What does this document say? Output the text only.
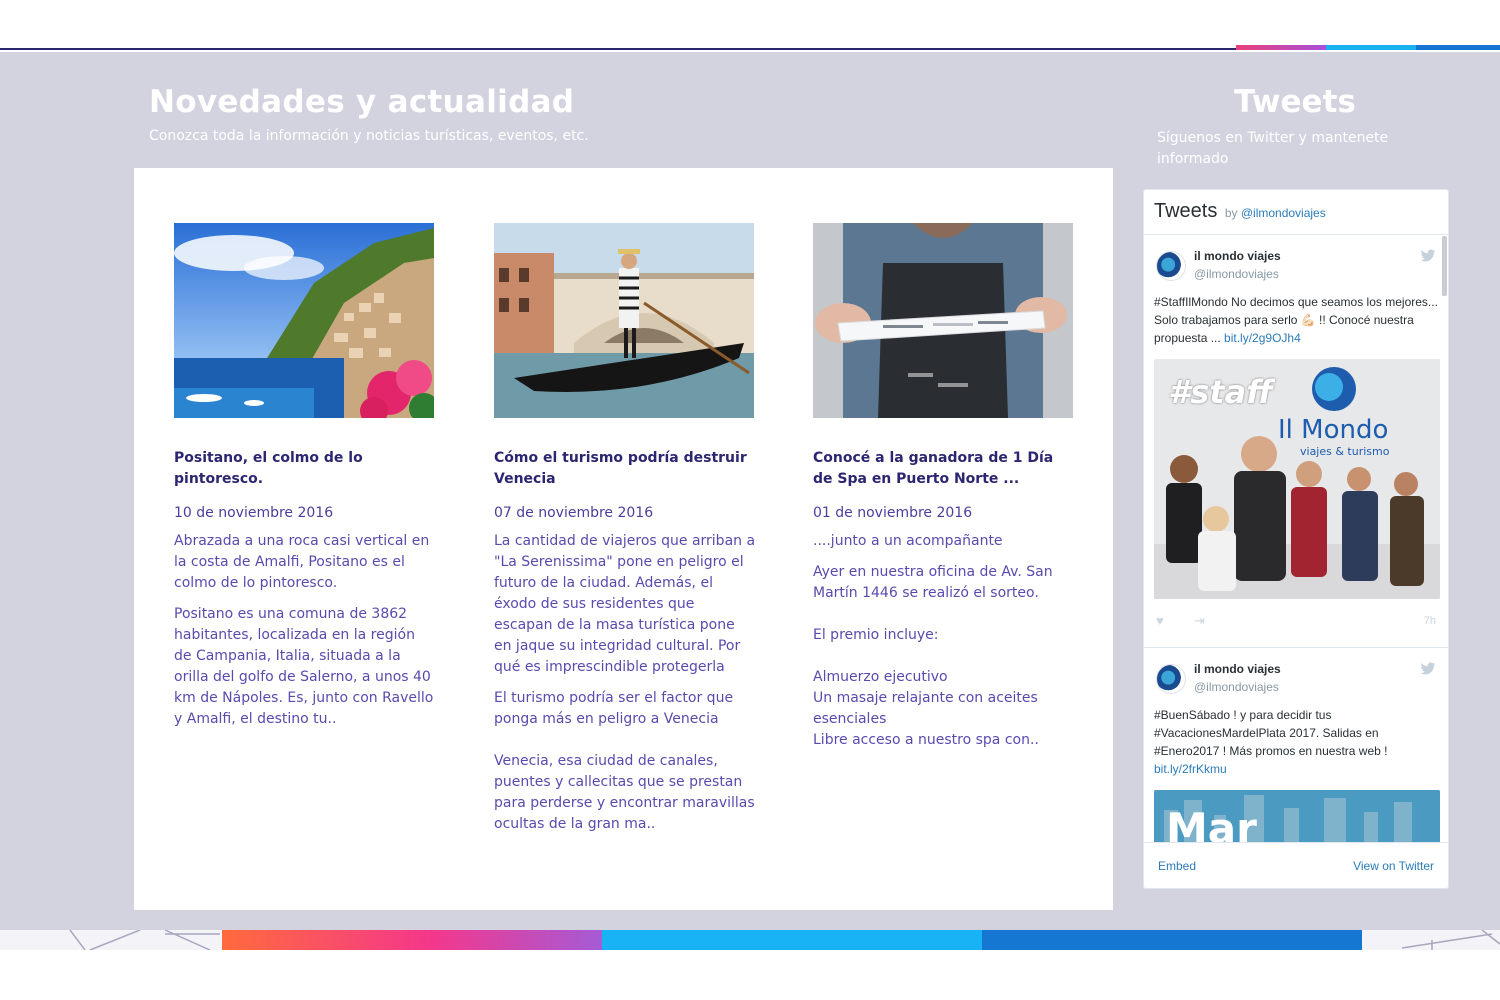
Novedades y actualidad
Conozca toda la información y noticias turísticas, eventos, etc.
Tweets
Síguenos en Twitter y mantenete informado
Positano, el colmo de lo pintoresco.
10 de noviembre 2016

Abrazada a una roca casi vertical en la costa de Amalfi, Positano es el colmo de lo pintoresco.

Positano es una comuna de 3862 habitantes, localizada en la región de Campania, Italia, situada a la orilla del golfo de Salerno, a unos 40 km de Nápoles. Es, junto con Ravello y Amalfi, el destino tu..

Cómo el turismo podría destruir Venecia
07 de noviembre 2016

La cantidad de viajeros que arriban a "La Serenissima" pone en peligro el futuro de la ciudad. Además, el éxodo de sus residentes que escapan de la masa turística pone en jaque su integridad cultural. Por qué es imprescindible protegerla

El turismo podría ser el factor que ponga más en peligro a Venecia

Venecia, esa ciudad de canales, puentes y callecitas que se prestan para perderse y encontrar maravillas ocultas de la gran ma..

Conocé a la ganadora de 1 Día de Spa en Puerto Norte ...
01 de noviembre 2016

....junto a un acompañante

Ayer en nuestra oficina de Av. San Martín 1446 se realizó el sorteo.

El premio incluye:

Almuerzo ejecutivo
Un masaje relajante con aceites esenciales
Libre acceso a nuestro spa con..

Tweets by @ilmondoviajes
il mondo viajes
@ilmondoviajes
#StaffIlMondo No decimos que seamos los mejores... Solo trabajamos para serlo 💪🏻 !! Conocé nuestra propuesta ... bit.ly/2g9OJh4
#staff
Il Mondo
viajes & turismo
♥ ⇥	7h
il mondo viajes
@ilmondoviajes
#BuenSábado ! y para decidir tus #VacacionesMardelPlata 2017. Salidas en #Enero2017 ! Más promos en nuestra web ! bit.ly/2frKkmu
Mar
Embed	View on Twitter
